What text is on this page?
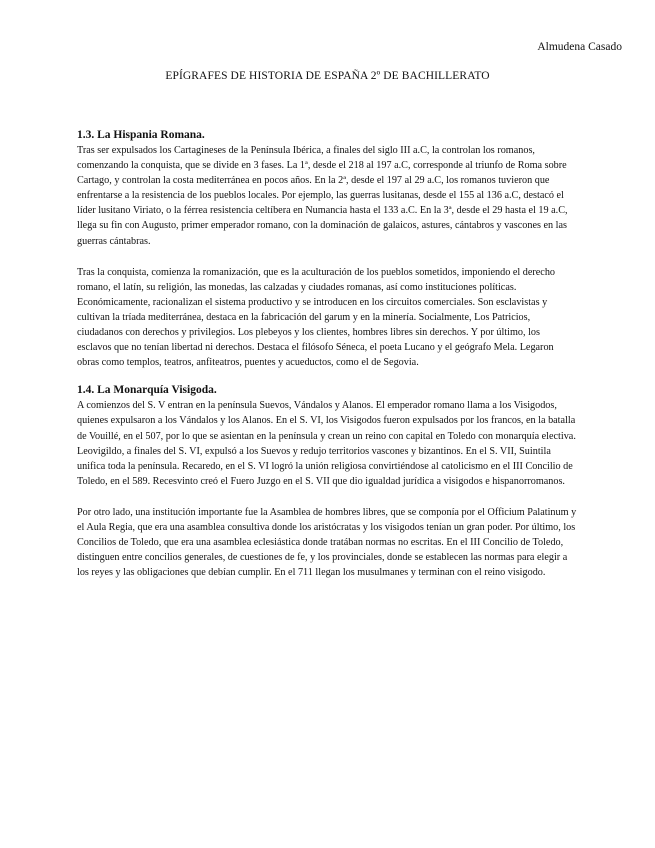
Almudena Casado
EPÍGRAFES DE HISTORIA DE ESPAÑA 2º DE BACHILLERATO
1.3. La Hispania Romana.

Tras ser expulsados los Cartagineses de la Península Ibérica, a finales del siglo III a.C, la controlan los romanos, comenzando la conquista, que se divide en 3 fases. La 1ª, desde el 218 al 197 a.C, corresponde al triunfo de Roma sobre Cartago, y controlan la costa mediterránea en pocos años. En la 2ª, desde el 197 al 29 a.C, los romanos tuvieron que enfrentarse a la resistencia de los pueblos locales. Por ejemplo, las guerras lusitanas, desde el 155 al 136 a.C, destacó el líder lusitano Viriato, o la férrea resistencia celtíbera en Numancia hasta el 133 a.C. En la 3ª, desde el 29 hasta el 19 a.C, llega su fin con Augusto, primer emperador romano, con la dominación de galaicos, astures, cántabros y vascones en las guerras cántabras.

Tras la conquista, comienza la romanización, que es la aculturación de los pueblos sometidos, imponiendo el derecho romano, el latín, su religión, las monedas, las calzadas y ciudades romanas, así como instituciones políticas. Económicamente, racionalizan el sistema productivo y se introducen en los circuitos comerciales. Son esclavistas y cultivan la tríada mediterránea, destaca en la fabricación del garum y en la minería. Socialmente, Los Patricios, ciudadanos con derechos y privilegios. Los plebeyos y los clientes, hombres libres sin derechos. Y por último, los esclavos que no tenían libertad ni derechos. Destaca el filósofo Séneca, el poeta Lucano y el geógrafo Mela. Legaron obras como templos, teatros, anfiteatros, puentes y acueductos, como el de Segovia.

1.4. La Monarquía Visigoda.

A comienzos del S. V entran en la península Suevos, Vándalos y Alanos. El emperador romano llama a los Visigodos, quienes expulsaron a los Vándalos y los Alanos. En el S. VI, los Visigodos fueron expulsados por los francos, en la batalla de Vouillé, en el 507, por lo que se asientan en la península y crean un reino con capital en Toledo con monarquía electiva. Leovigildo, a finales del S. VI, expulsó a los Suevos y redujo territorios vascones y bizantinos. En el S. VII, Suintila unifica toda la península. Recaredo, en el S. VI logró la unión religiosa convirtiéndose al catolicismo en el III Concilio de Toledo, en el 589. Recesvinto creó el Fuero Juzgo en el S. VII que dio igualdad jurídica a visigodos e hispanorromanos.

Por otro lado, una institución importante fue la Asamblea de hombres libres, que se componía por el Officium Palatinum y el Aula Regia, que era una asamblea consultiva donde los aristócratas y los visigodos tenían un gran poder. Por último, los Concilios de Toledo, que era una asamblea eclesiástica donde tratában normas no escritas. En el III Concilio de Toledo, distinguen entre concilios generales, de cuestiones de fe, y los provinciales, donde se establecen las normas para elegir a los reyes y las obligaciones que debían cumplir. En el 711 llegan los musulmanes y terminan con el reino visigodo.
